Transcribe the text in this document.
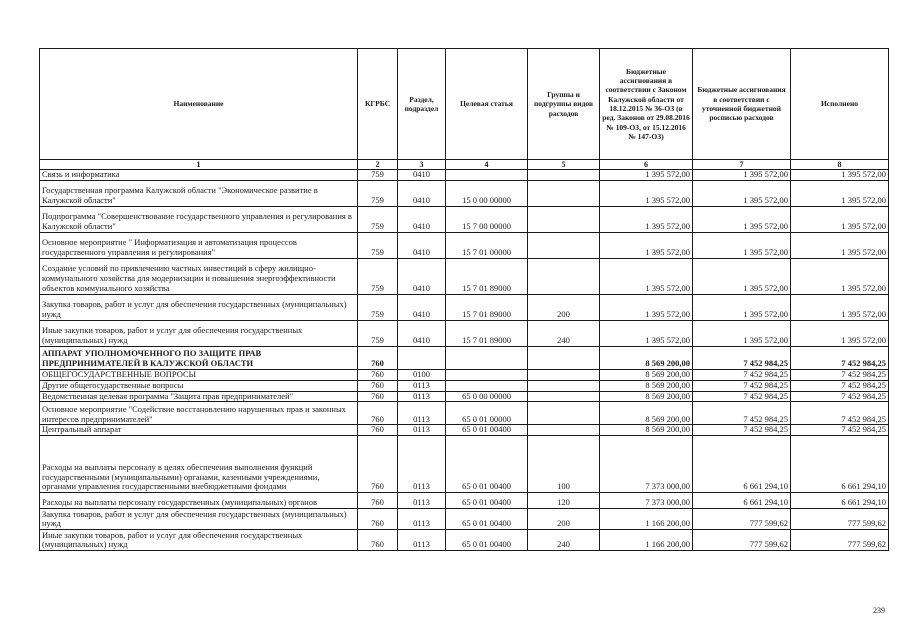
Наименование	КГРБС	Раздел, подраздел	Целевая статья	Группы и подгруппы видов расходов	Бюджетные ассигнования в соответствии с Законом Калужской области от 18.12.2015 № 36-ОЗ (в ред. Законов от 29.08.2016 № 109-ОЗ, от 15.12.2016 № 147-ОЗ)	Бюджетные ассигнования в соответствии с уточненной бюджетной росписью расходов	Исполнено
1	2	3	4	5	6	7	8
Связь и информатика	759	0410			1 395 572,00	1 395 572,00	1 395 572,00
Государственная программа Калужской области "Экономическое развитие в Калужской области"	759	0410	15 0 00 00000		1 395 572,00	1 395 572,00	1 395 572,00
Подпрограмма "Совершенствование государственного управления и регулирования в Калужской области"	759	0410	15 7 00 00000		1 395 572,00	1 395 572,00	1 395 572,00
Основное мероприятие " Информатизация и автоматизация процессов государственного управления и регулирования"	759	0410	15 7 01 00000		1 395 572,00	1 395 572,00	1 395 572,00
Создание условий по привлечению частных инвестиций в сферу жилищно-коммунального хозяйства для модернизации и повышения энергоэффективности объектов коммунального хозяйства	759	0410	15 7 01 89000		1 395 572,00	1 395 572,00	1 395 572,00
Закупка товаров, работ и услуг для обеспечения государственных (муниципальных) нужд	759	0410	15 7 01 89000	200	1 395 572,00	1 395 572,00	1 395 572,00
Иные закупки товаров, работ и услуг для обеспечения государственных (муниципальных) нужд	759	0410	15 7 01 89000	240	1 395 572,00	1 395 572,00	1 395 572,00
АППАРАТ УПОЛНОМОЧЕННОГО ПО ЗАЩИТЕ ПРАВ ПРЕДПРИНИМАТЕЛЕЙ В КАЛУЖСКОЙ ОБЛАСТИ	760				8 569 200,00	7 452 984,25	7 452 984,25
ОБЩЕГОСУДАРСТВЕННЫЕ ВОПРОСЫ	760	0100			8 569 200,00	7 452 984,25	7 452 984,25
Другие общегосударственные вопросы	760	0113			8 569 200,00	7 452 984,25	7 452 984,25
Ведомственная целевая программа "Защита прав предпринимателей"	760	0113	65 0 00 00000		8 569 200,00	7 452 984,25	7 452 984,25
Основное мероприятие "Содействие восстановлению нарушенных прав и законных интересов предпринимателей"	760	0113	65 0 01 00000		8 569 200,00	7 452 984,25	7 452 984,25
Центральный аппарат	760	0113	65 0 01 00400		8 569 200,00	7 452 984,25	7 452 984,25
Расходы на выплаты персоналу в целях обеспечения выполнения функций государственными (муниципальными) органами, казенными учреждениями, органами управления государственными внебюджетными фондами	760	0113	65 0 01 00400	100	7 373 000,00	6 661 294,10	6 661 294,10
Расходы на выплаты персоналу государственных (муниципальных) органов	760	0113	65 0 01 00400	120	7 373 000,00	6 661 294,10	6 661 294,10
Закупка товаров, работ и услуг для обеспечения государственных (муниципальных) нужд	760	0113	65 0 01 00400	200	1 166 200,00	777 599,62	777 599,62
Иные закупки товаров, работ и услуг для обеспечения государственных (муниципальных) нужд	760	0113	65 0 01 00400	240	1 166 200,00	777 599,62	777 599,62
239
